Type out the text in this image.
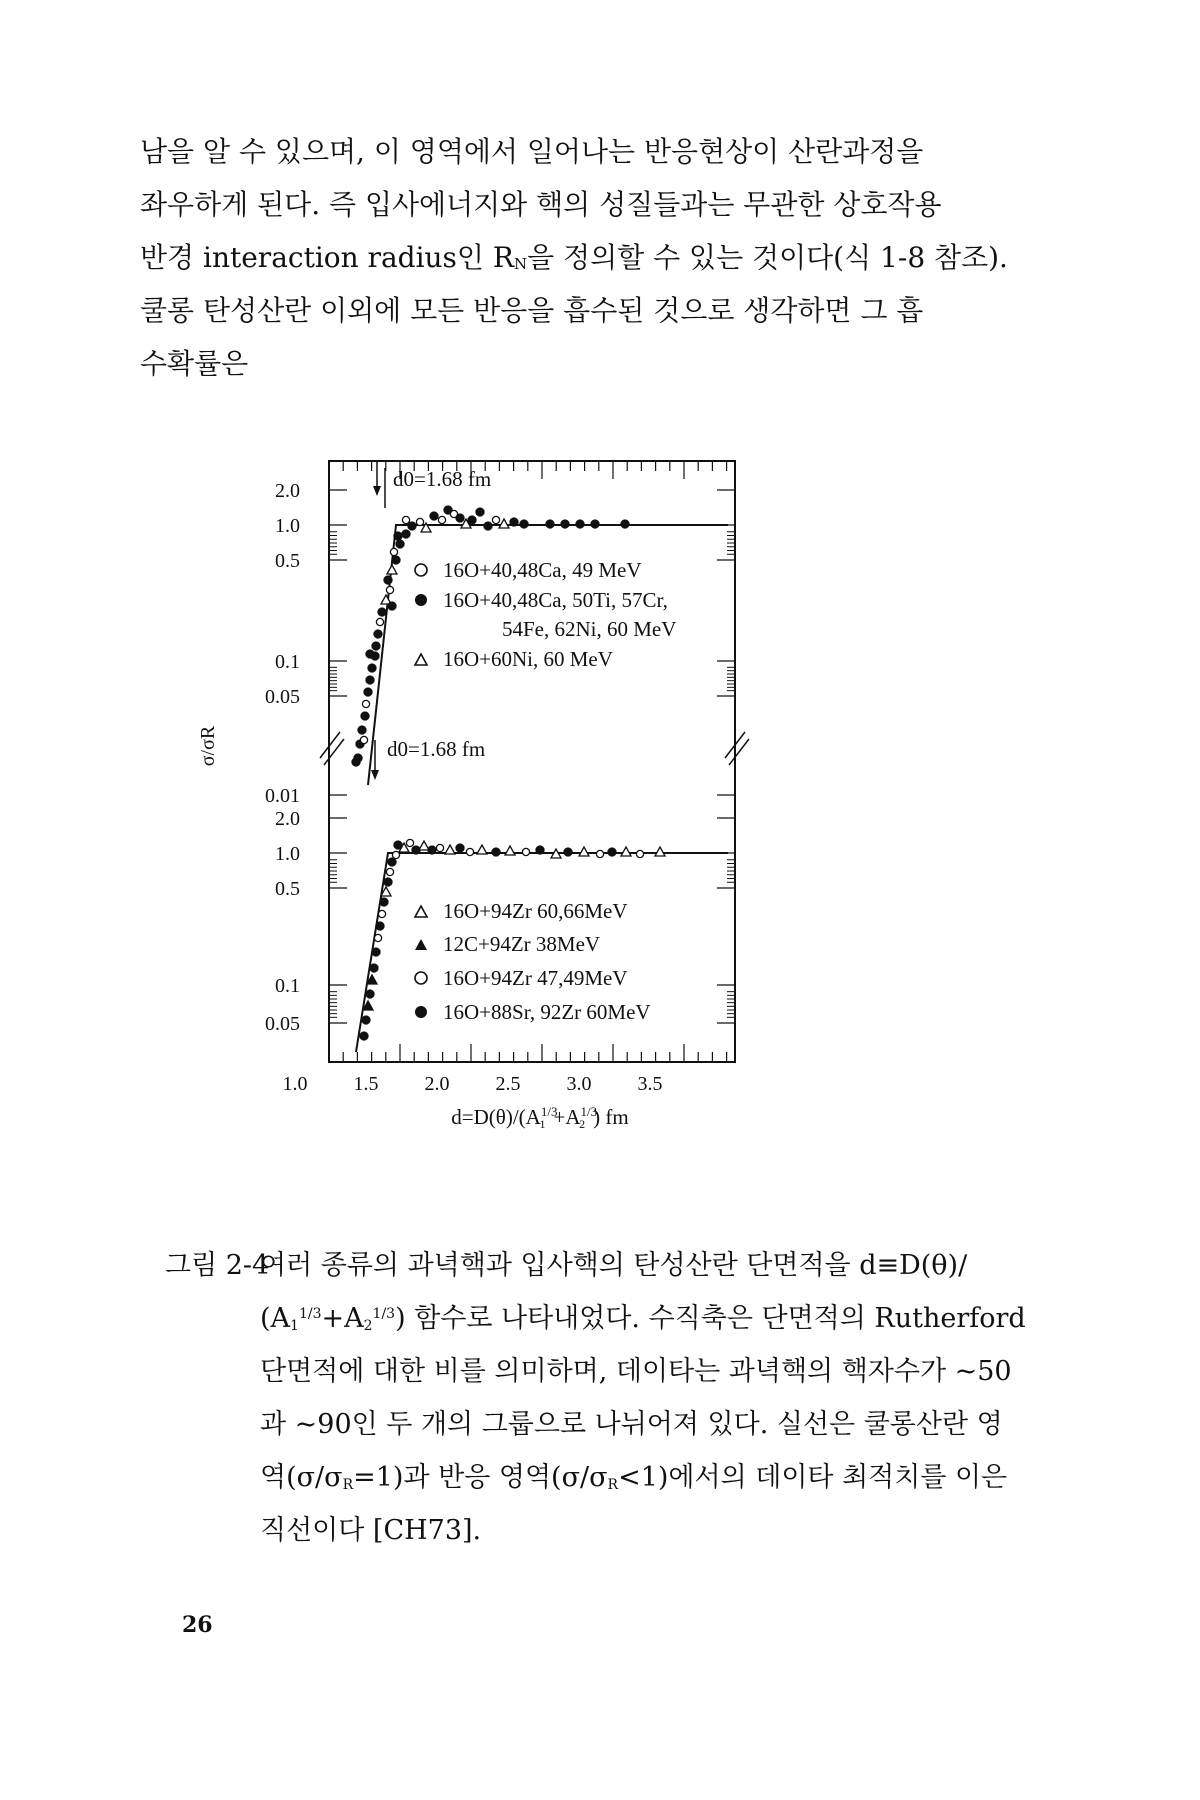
남을 알 수 있으며, 이 영역에서 일어나는 반응현상이 산란과정을
좌우하게 된다. 즉 입사에너지와 핵의 성질들과는 무관한 상호작용
반경 interaction radius인 RN을 정의할 수 있는 것이다(식 1-8 참조).
쿨롱 탄성산란 이외에 모든 반응을 흡수된 것으로 생각하면 그 흡
수확률은
σ/σR
2.0
1.0
0.5
0.1
0.05
0.01
2.0
1.0
0.5
0.1
0.05
1.0 1.5 2.0 2.5 3.0 3.5
$d=D(\theta)/(A^{1/3}$ $1 +A^{1/3}$ 2 ) fm
d0=1.68 fm
d0=1.68 fm
16O+40,48Ca, 49 MeV
16O+40,48Ca, 50Ti, 57Cr,
54Fe, 62Ni, 60 MeV
16O+60Ni, 60 MeV
16O+94Zr 60,66MeV
12C+94Zr 38MeV
16O+94Zr 47,49MeV
16O+88Sr, 92Zr 60MeV
그림 2-4
여러 종류의 과녁핵과 입사핵의 탄성산란 단면적을 d≡D(θ)∕
$(A1^{1/3}+A2^{1/3})$ 함수로 나타내었다. 수직축은 단면적의 Rutherford
단면적에 대한 비를 의미하며, 데이타는 과녁핵의 핵자수가 ~50
과 ~90인 두 개의 그룹으로 나뉘어져 있다. 실선은 쿨롱산란 영
역(σ/σR=1)과 반응 영역(σ/σR<1)에서의 데이타 최적치를 이은
직선이다 [CH73].
26
